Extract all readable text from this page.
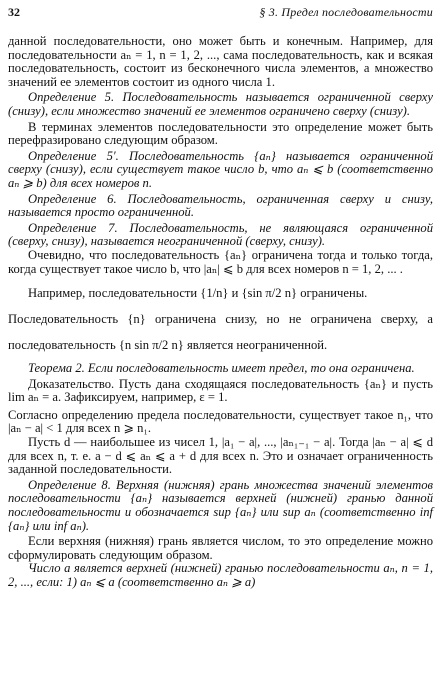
32	§ 3. Предел последовательности

данной последовательности, оно может быть и конечным. Например, для последовательности aₙ = 1, n = 1, 2, ..., сама последовательность, как и всякая последовательность, состоит из бесконечного числа элементов, а множество значений ее элементов состоит из одного числа 1.

Определение 5. Последовательность называется ограниченной сверху (снизу), если множество значений ее элементов ограничено сверху (снизу).

В терминах элементов последовательности это определение может быть перефразировано следующим образом.

Определение 5′. Последовательность {aₙ} называется ограниченной сверху (снизу), если существует такое число b, что aₙ ⩽ b (соответственно aₙ ⩾ b) для всех номеров n.

Определение 6. Последовательность, ограниченная сверху и снизу, называется просто ограниченной.

Определение 7. Последовательность, не являющаяся ограниченной (сверху, снизу), называется неограниченной (сверху, снизу).

Очевидно, что последовательность {aₙ} ограничена тогда и только тогда, когда существует такое число b, что |aₙ| ⩽ b для всех номеров n = 1, 2, ... .

Например, последовательности {1/n} и {sin π/2 n} ограничены.

Последовательность {n} ограничена снизу, но не ограничена сверху, а последовательность {n sin π/2 n} является неограниченной.

Теорема 2. Если последовательность имеет предел, то она ограничена.

Доказательство. Пусть дана сходящаяся последовательность {aₙ} и пусть lim aₙ = a. Зафиксируем, например, ε = 1.

Согласно определению предела последовательности, существует такое n₁, что |aₙ − a| < 1 для всех n ⩾ n₁.

Пусть d — наибольшее из чисел 1, |a₁ − a|, ..., |aₙ₁₋₁ − a|. Тогда |aₙ − a| ⩽ d для всех n, т. е. a − d ⩽ aₙ ⩽ a + d для всех n. Это и означает ограниченность заданной последовательности.

Определение 8. Верхняя (нижняя) грань множества значений элементов последовательности {aₙ} называется верхней (нижней) гранью данной последовательности и обозначается sup {aₙ} или sup aₙ (соответственно inf {aₙ} или inf aₙ).

Если верхняя (нижняя) грань является числом, то это определение можно сформулировать следующим образом.

Число a является верхней (нижней) гранью последовательности aₙ, n = 1, 2, ..., если: 1) aₙ ⩽ a (соответственно aₙ ⩾ a)
